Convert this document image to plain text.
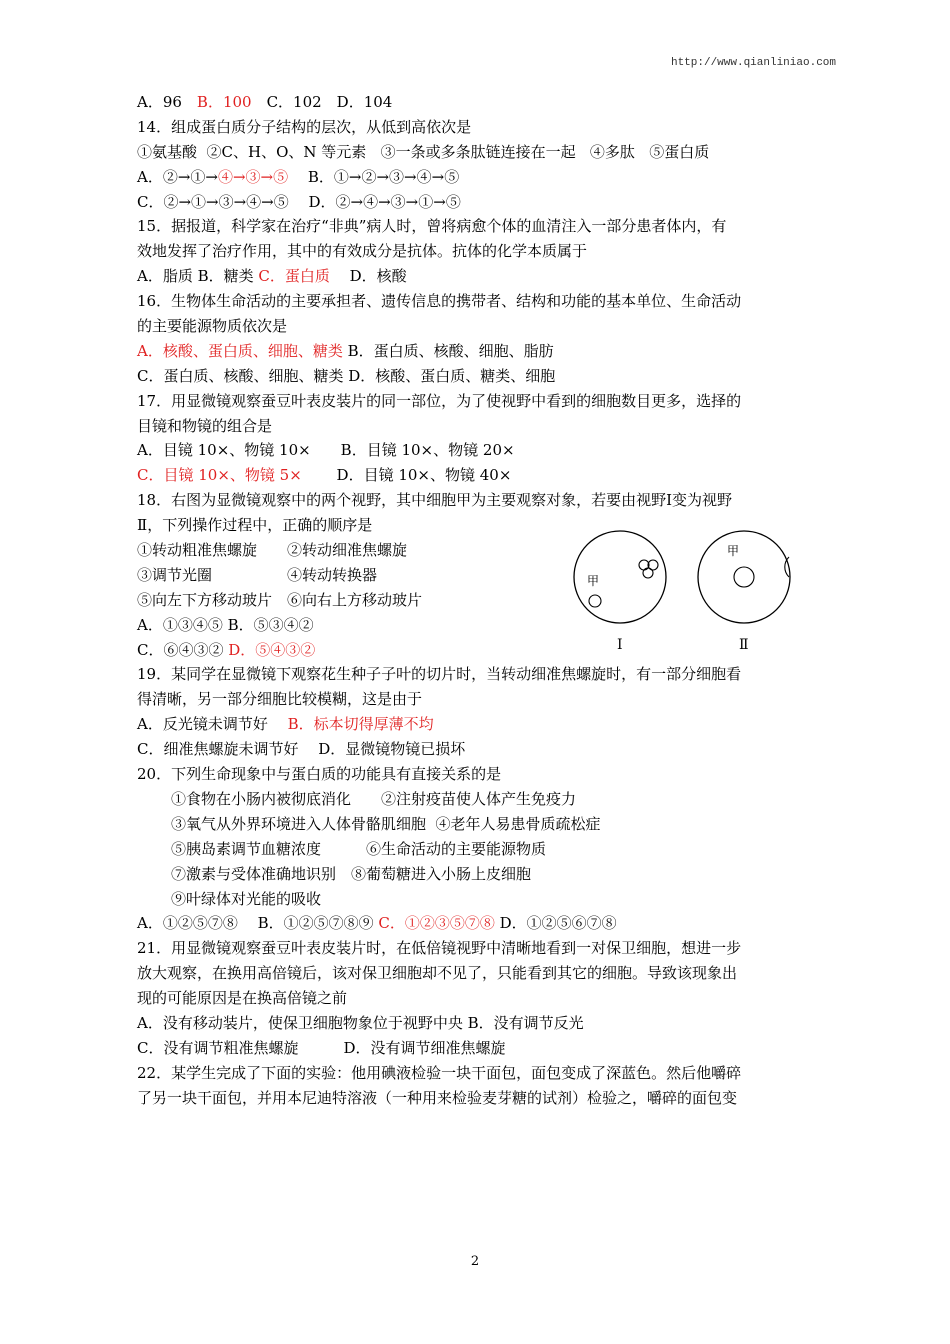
http://www.qianliniao.com
A．96　B．100　C．102　D．104
14．组成蛋白质分子结构的层次，从低到高依次是
①氨基酸  ②C、H、O、N 等元素   ③一条或多条肽链连接在一起   ④多肽   ⑤蛋白质
A．②→①→④→③→⑤　 B．①→②→③→④→⑤
C．②→①→③→④→⑤　 D．②→④→③→①→⑤
15．据报道，科学家在治疗“非典”病人时，曾将病愈个体的血清注入一部分患者体内，有
效地发挥了治疗作用，其中的有效成分是抗体。抗体的化学本质属于
A．脂质 B．糖类 C．蛋白质　 D．核酸
16．生物体生命活动的主要承担者、遗传信息的携带者、结构和功能的基本单位、生命活动
的主要能源物质依次是
A．核酸、蛋白质、细胞、糖类 B．蛋白质、核酸、细胞、脂肪
C．蛋白质、核酸、细胞、糖类 D．核酸、蛋白质、糖类、细胞
17．用显微镜观察蚕豆叶表皮装片的同一部位，为了使视野中看到的细胞数目更多，选择的
目镜和物镜的组合是
A．目镜 10×、物镜 10×　　B．目镜 10×、物镜 20×
C．目镜 10×、物镜 5×　　 D．目镜 10×、物镜 40×
18．右图为显微镜观察中的两个视野，其中细胞甲为主要观察对象，若要由视野Ⅰ变为视野
Ⅱ，下列操作过程中，正确的顺序是
①转动粗准焦螺旋　　②转动细准焦螺旋
③调节光圈　　　　　④转动转换器
⑤向左下方移动玻片　⑥向右上方移动玻片
A．①③④⑤ B．⑤③④②
C．⑥④③② D．⑤④③②
19．某同学在显微镜下观察花生种子子叶的切片时，当转动细准焦螺旋时，有一部分细胞看
得清晰，另一部分细胞比较模糊，这是由于
A．反光镜未调节好　 B．标本切得厚薄不均
C．细准焦螺旋未调节好　 D．显微镜物镜已损坏
20．下列生命现象中与蛋白质的功能具有直接关系的是
①食物在小肠内被彻底消化　　②注射疫苗使人体产生免疫力
③氧气从外界环境进入人体骨骼肌细胞  ④老年人易患骨质疏松症
⑤胰岛素调节血糖浓度　　　⑥生命活动的主要能源物质
⑦激素与受体准确地识别　⑧葡萄糖进入小肠上皮细胞
⑨叶绿体对光能的吸收
A．①②⑤⑦⑧　 B．①②⑤⑦⑧⑨ C．①②③⑤⑦⑧ D．①②⑤⑥⑦⑧
21．用显微镜观察蚕豆叶表皮装片时，在低倍镜视野中清晰地看到一对保卫细胞，想进一步
放大观察，在换用高倍镜后，该对保卫细胞却不见了，只能看到其它的细胞。导致该现象出
现的可能原因是在换高倍镜之前
A．没有移动装片，使保卫细胞物象位于视野中央 B．没有调节反光
C．没有调节粗准焦螺旋　　　D．没有调节细准焦螺旋
22．某学生完成了下面的实验：他用碘液检验一块干面包，面包变成了深蓝色。然后他嚼碎
了另一块干面包，并用本尼迪特溶液（一种用来检验麦芽糖的试剂）检验之，嚼碎的面包变
甲
Ⅰ
甲
Ⅱ
2
